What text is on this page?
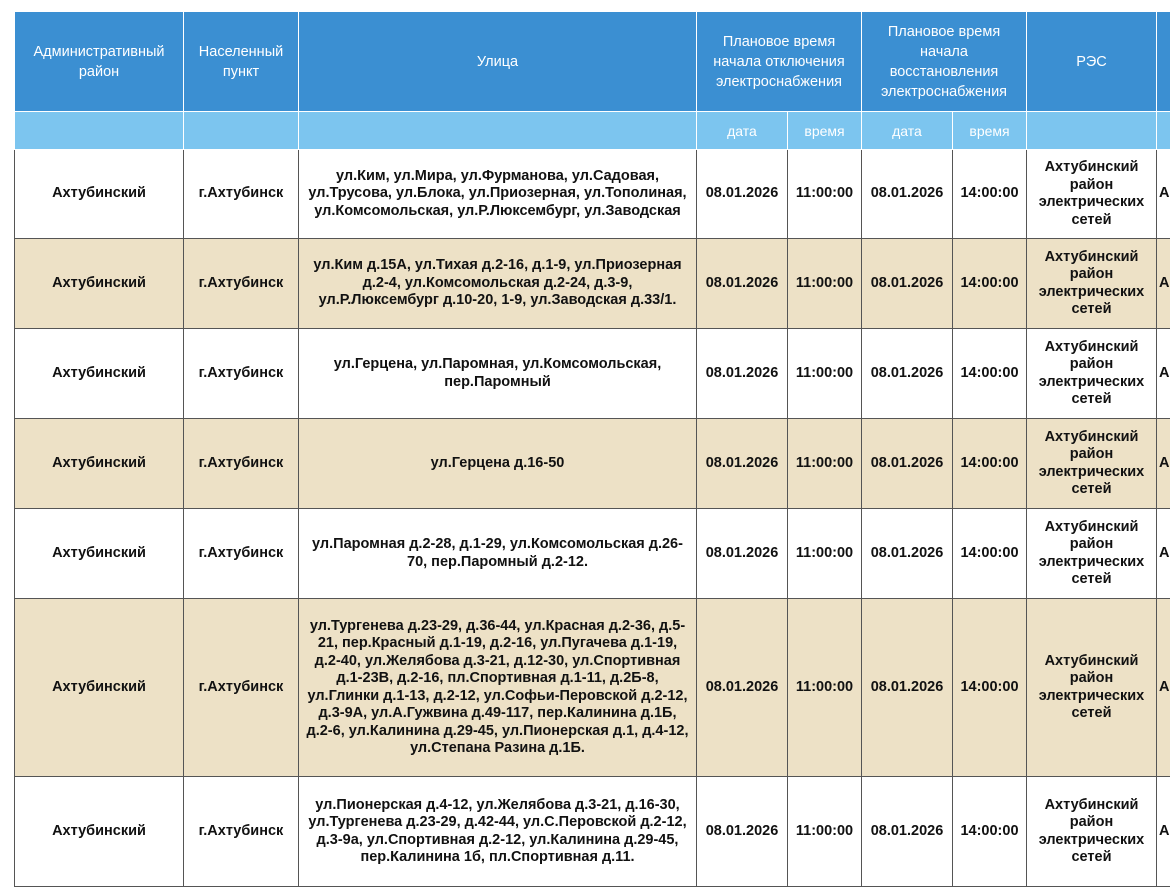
Административный район	Населенный пункт	Улица	Плановое время начала отключения электроснабжения		Плановое время начала восстановления электроснабжения		РЭС	
			дата	время	дата	время		
Ахтубинский	г.Ахтубинск	ул.Ким, ул.Мира, ул.Фурманова, ул.Садовая, ул.Трусова, ул.Блока, ул.Приозерная, ул.Тополиная, ул.Комсомольская, ул.Р.Люксембург, ул.Заводская	08.01.2026	11:00:00	08.01.2026	14:00:00	Ахтубинский район электрических сетей	А
Ахтубинский	г.Ахтубинск	ул.Ким д.15А, ул.Тихая д.2-16, д.1-9, ул.Приозерная д.2-4, ул.Комсомольская д.2-24, д.3-9, ул.Р.Люксембург д.10-20, 1-9, ул.Заводская д.33/1.	08.01.2026	11:00:00	08.01.2026	14:00:00	Ахтубинский район электрических сетей	А
Ахтубинский	г.Ахтубинск	ул.Герцена, ул.Паромная, ул.Комсомольская, пер.Паромный	08.01.2026	11:00:00	08.01.2026	14:00:00	Ахтубинский район электрических сетей	А
Ахтубинский	г.Ахтубинск	ул.Герцена д.16-50	08.01.2026	11:00:00	08.01.2026	14:00:00	Ахтубинский район электрических сетей	А
Ахтубинский	г.Ахтубинск	ул.Паромная д.2-28, д.1-29, ул.Комсомольская д.26-70, пер.Паромный д.2-12.	08.01.2026	11:00:00	08.01.2026	14:00:00	Ахтубинский район электрических сетей	А
Ахтубинский	г.Ахтубинск	ул.Тургенева д.23-29, д.36-44, ул.Красная д.2-36, д.5-21, пер.Красный д.1-19, д.2-16, ул.Пугачева д.1-19, д.2-40, ул.Желябова д.3-21, д.12-30, ул.Спортивная д.1-23В, д.2-16, пл.Спортивная д.1-11, д.2Б-8, ул.Глинки д.1-13, д.2-12, ул.Софьи-Перовской д.2-12, д.3-9А, ул.А.Гужвина д.49-117, пер.Калинина д.1Б, д.2-6, ул.Калинина д.29-45, ул.Пионерская д.1, д.4-12, ул.Степана Разина д.1Б.	08.01.2026	11:00:00	08.01.2026	14:00:00	Ахтубинский район электрических сетей	А
Ахтубинский	г.Ахтубинск	ул.Пионерская д.4-12, ул.Желябова д.3-21, д.16-30, ул.Тургенева д.23-29, д.42-44, ул.С.Перовской д.2-12, д.3-9а, ул.Спортивная д.2-12, ул.Калинина д.29-45, пер.Калинина 1б, пл.Спортивная д.11.	08.01.2026	11:00:00	08.01.2026	14:00:00	Ахтубинский район электрических сетей	А
